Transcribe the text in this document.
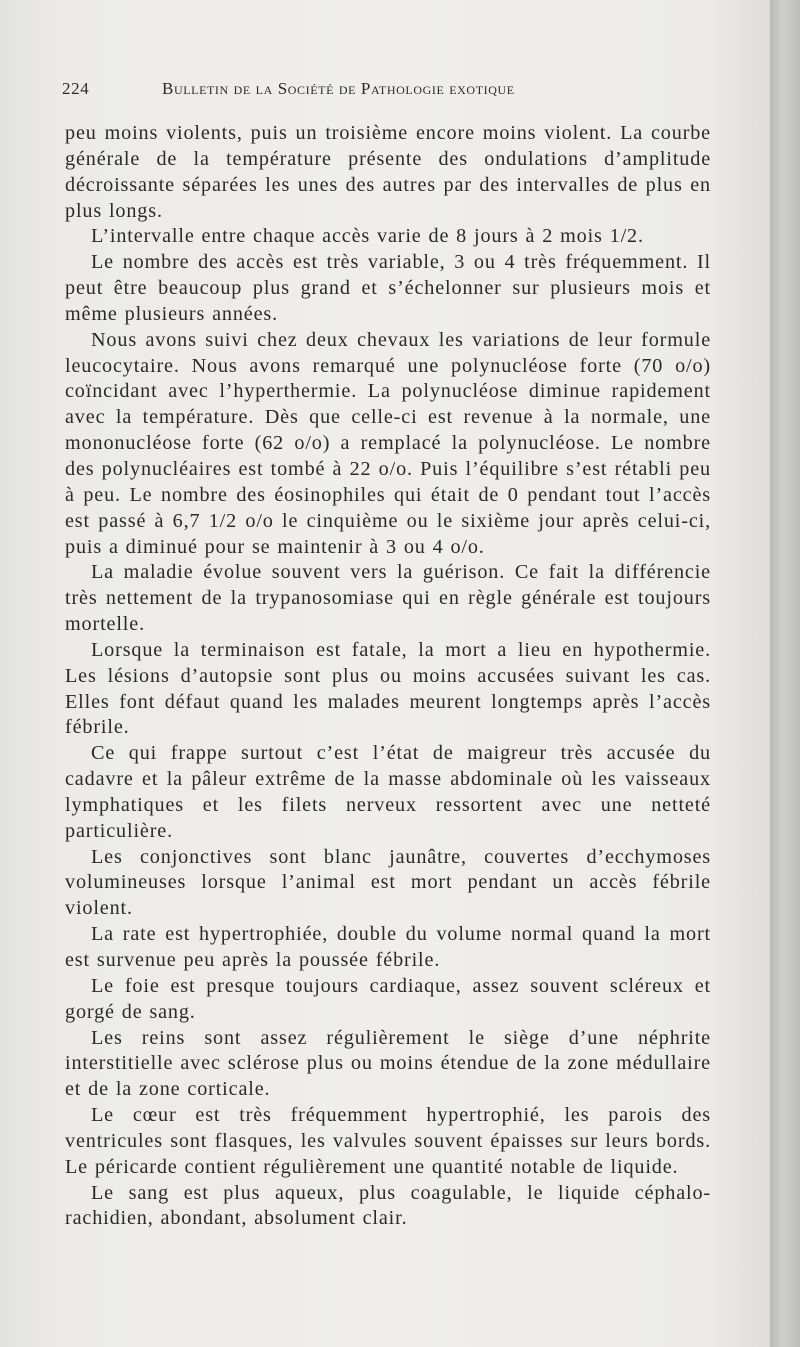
224	Bulletin de la Société de Pathologie exotique

peu moins violents, puis un troisième encore moins violent. La courbe générale de la température présente des ondulations d’amplitude décroissante séparées les unes des autres par des intervalles de plus en plus longs.

L’intervalle entre chaque accès varie de 8 jours à 2 mois 1/2.

Le nombre des accès est très variable, 3 ou 4 très fréquemment. Il peut être beaucoup plus grand et s’échelonner sur plusieurs mois et même plusieurs années.

Nous avons suivi chez deux chevaux les variations de leur formule leucocytaire. Nous avons remarqué une polynucléose forte (70 o/o) coïncidant avec l’hyperthermie. La polynucléose diminue rapidement avec la température. Dès que celle-ci est revenue à la normale, une mononucléose forte (62 o/o) a remplacé la polynucléose. Le nombre des polynucléaires est tombé à 22 o/o. Puis l’équilibre s’est rétabli peu à peu. Le nombre des éosinophiles qui était de 0 pendant tout l’accès est passé à 6,7 1/2 o/o le cinquième ou le sixième jour après celui-ci, puis a diminué pour se maintenir à 3 ou 4 o/o.

La maladie évolue souvent vers la guérison. Ce fait la différencie très nettement de la trypanosomiase qui en règle générale est toujours mortelle.

Lorsque la terminaison est fatale, la mort a lieu en hypothermie. Les lésions d’autopsie sont plus ou moins accusées suivant les cas. Elles font défaut quand les malades meurent longtemps après l’accès fébrile.

Ce qui frappe surtout c’est l’état de maigreur très accusée du cadavre et la pâleur extrême de la masse abdominale où les vaisseaux lymphatiques et les filets nerveux ressortent avec une netteté particulière.

Les conjonctives sont blanc jaunâtre, couvertes d’ecchymoses volumineuses lorsque l’animal est mort pendant un accès fébrile violent.

La rate est hypertrophiée, double du volume normal quand la mort est survenue peu après la poussée fébrile.

Le foie est presque toujours cardiaque, assez souvent scléreux et gorgé de sang.

Les reins sont assez régulièrement le siège d’une néphrite interstitielle avec sclérose plus ou moins étendue de la zone médullaire et de la zone corticale.

Le cœur est très fréquemment hypertrophié, les parois des ventricules sont flasques, les valvules souvent épaisses sur leurs bords. Le péricarde contient régulièrement une quantité notable de liquide.

Le sang est plus aqueux, plus coagulable, le liquide céphalo-rachidien, abondant, absolument clair.
